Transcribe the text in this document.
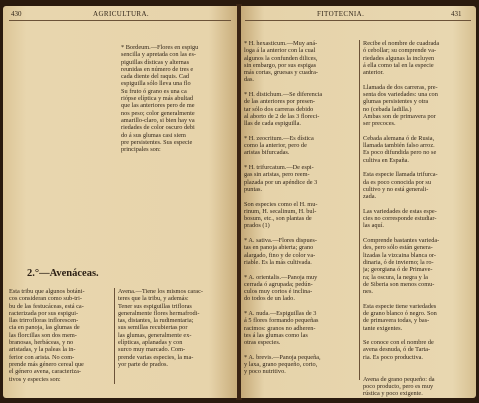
430	AGRICULTURA.
* Bordeum.—Flores en espigu
sencilla y apretada con las es-
piguillas dísticas y alternas
reunidas en número de tres e
cada diente del raquis. Cad
espiguilla sólo lleva una flo
Su fruto ó grano es una ca
riópse elíptica y más abultad
que las anteriores pero de me
nos peso; color generalmente
amarillo-claro, si bien hay va
riedades de color oscuro debi
do á sus glumas casi siem
pre persistentes. Sus especie
principales son:
2.°—Avenáceas.
Esta tribu que algunos botáni-
cos consideran como sub-tri-
bu de las festucáceas, está ca-
racterizada por sus espigui-
llas trirrofloras inflorescen-
cia en panoja, las glumas de
las florcillas son dos mem-
branosas, herbáceas, y no
aristadas, y la paleas la in-
ferior con arista. No com-
prende más género cereal que
el género avena, caracteriza-
tivos y especies son:
Avena.—Tiene los mismos carac-
teres que la tribu, y además:
Tener sus espiguillas trifloras
generalmente flores hermafrodi-
tas, distantes, la rudimentaria;
sus semillas recubiertas por
las glumas, generalmente ex-
elípticas, aplanadas y con
surco muy marcado. Com-
prende varias especies, la ma-
yor parte de prados.
FITOTECNIA.	431
* H. hexasticum.—Muy aná-
loga á la anterior con la cual
algunos la confunden dilices,
sin embargo, por sus espigas
más cortas, gruesas y cuadra-
das.

* H. distichum.—Se diferencia
de las anteriores por presen-
tar sólo dos carreras debido
al aborto de 2 de las 3 floreci-
llas de cada espiguilla.

* H. zeocritum.—Es dística
como la anterior, pero de
aristas bifurcadas.

* H. trifurcatum.—De espi-
gas sin aristas, pero reem-
plazada por un apéndice de 3
puntas.

Son especies como el H. mu-
rinum, H. secalinum, H. bul-
bosum, etc., son plantas de
prados (1)

* A. sativa.—Flores dispues-
tas en panoja abierta; grano
alargado, fino y de color va-
riable. Es la más cultivada.

* A. orientalis.—Panoja muy
cerrada ó agrupada; pedún-
culos muy cortos é inclina-
do todos de un lado.

* A. nuda.—Espiguillas de 3
á 5 flores formando pequeñas
racimos: granos no adheren-
tes á las glumas como las
otras especies.

* A. brevis.—Panoja pequeña,
y laxa, grano pequeño, corto,
y poco nutritivo.
Recibe el nombre de cuadrada
ó cebollar; su comprende va-
riedades algunas la incluyen
á ella como tal en la especie
anterior.

Llamada de dos carreras, pre-
senta dos variedades: una con
glumas persistentes y otra
no (cebada ladilla.)
Ambas son de primavera por
ser precoces.

Cebada alemana ó de Rusia,
llamada también falso arroz.
Es poco difundida pero no se
cultiva en España.

Esta especie llamada trifurca-
da es poco conocida por su
cultivo y no está generali-
zada.

Las variedades de estas espe-
cies no corresponde estudiar-
las aquí.

Comprende bastantes varieda-
des, pero sólo están genera-
lizadas la vizcaina blanca or-
dinaria, ó de invierno; la ro-
ja; georgiana ó de Primave-
ra; la oscura, la negra y la
de Siberia son menos comu-
nes.

Esta especie tiene variedades
de grano blanco ó negro. Son
de primavera todas, y bas-
tante exigentes.

Se conoce con el nombre de
avena desnuda, ó de Tarta-
ria. Es poco productiva.

Avena de grano pequeño: da
poco producto, pero es muy
rústica y poco exigente.
